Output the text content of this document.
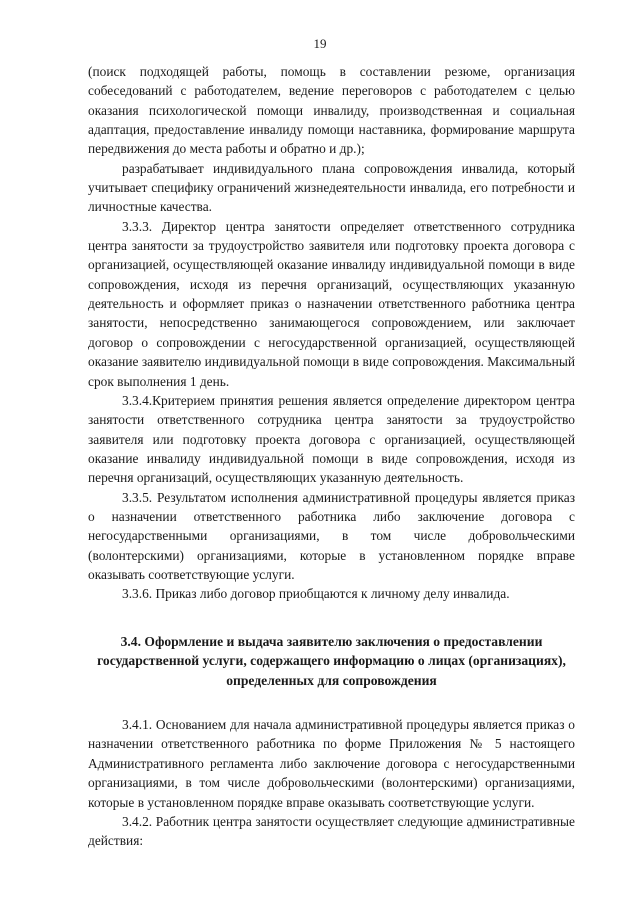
19

(поиск подходящей работы, помощь в составлении резюме, организация собеседований с работодателем, ведение переговоров с работодателем с целью оказания психологической помощи инвалиду, производственная и социальная адаптация, предоставление инвалиду помощи наставника, формирование маршрута передвижения до места работы и обратно и др.);

разрабатывает индивидуального плана сопровождения инвалида, который учитывает специфику ограничений жизнедеятельности инвалида, его потребности и личностные качества.

3.3.3. Директор центра занятости определяет ответственного сотрудника центра занятости за трудоустройство заявителя или подготовку проекта договора с организацией, осуществляющей оказание инвалиду индивидуальной помощи в виде сопровождения, исходя из перечня организаций, осуществляющих указанную деятельность и оформляет приказ о назначении ответственного работника центра занятости, непосредственно занимающегося сопровождением, или заключает договор о сопровождении с негосударственной организацией, осуществляющей оказание заявителю индивидуальной помощи в виде сопровождения. Максимальный срок выполнения 1 день.

3.3.4.Критерием принятия решения является определение директором центра занятости ответственного сотрудника центра занятости за трудоустройство заявителя или подготовку проекта договора с организацией, осуществляющей оказание инвалиду индивидуальной помощи в виде сопровождения, исходя из перечня организаций, осуществляющих указанную деятельность.

3.3.5. Результатом исполнения административной процедуры является приказ о назначении ответственного работника либо заключение договора с негосударственными организациями, в том числе добровольческими (волонтерскими) организациями, которые в установленном порядке вправе оказывать соответствующие услуги.

3.3.6. Приказ либо договор приобщаются к личному делу инвалида.

3.4. Оформление и выдача заявителю заключения о предоставлении государственной услуги, содержащего информацию о лицах (организациях), определенных для сопровождения

3.4.1. Основанием для начала административной процедуры является приказ о назначении ответственного работника по форме Приложения № 5 настоящего Административного регламента либо заключение договора с негосударственными организациями, в том числе добровольческими (волонтерскими) организациями, которые в установленном порядке вправе оказывать соответствующие услуги.

3.4.2. Работник центра занятости осуществляет следующие административные действия:
